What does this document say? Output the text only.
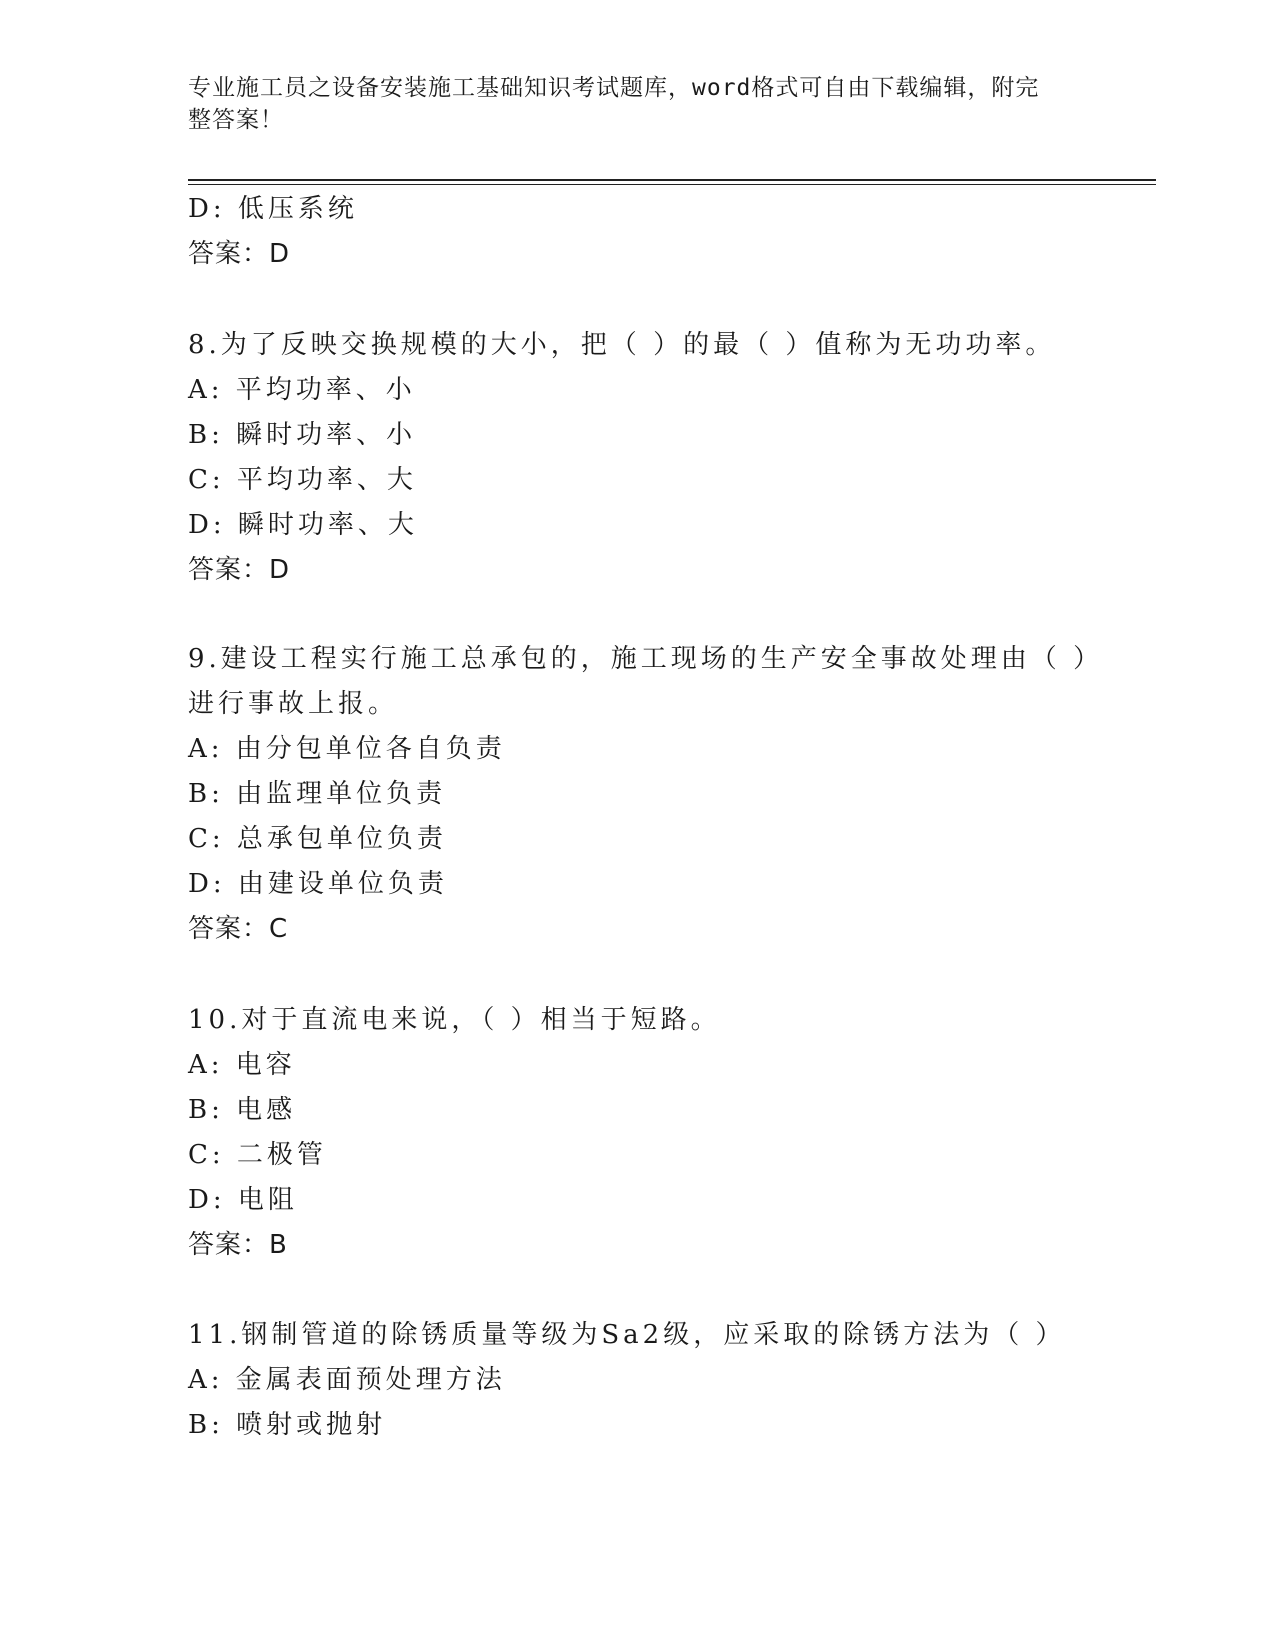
专业施工员之设备安装施工基础知识考试题库，word格式可自由下载编辑，附完
整答案！
D: 低压系统
答案：D
8.为了反映交换规模的大小，把（ ）的最（ ）值称为无功功率。
A: 平均功率、小
B: 瞬时功率、小
C: 平均功率、大
D: 瞬时功率、大
答案：D
9.建设工程实行施工总承包的，施工现场的生产安全事故处理由（ ）
进行事故上报。
A: 由分包单位各自负责
B: 由监理单位负责
C: 总承包单位负责
D: 由建设单位负责
答案：C
10.对于直流电来说，（ ）相当于短路。
A: 电容
B: 电感
C: 二极管
D: 电阻
答案：B
11.钢制管道的除锈质量等级为Sa2级，应采取的除锈方法为（ ）
A: 金属表面预处理方法
B: 喷射或抛射
